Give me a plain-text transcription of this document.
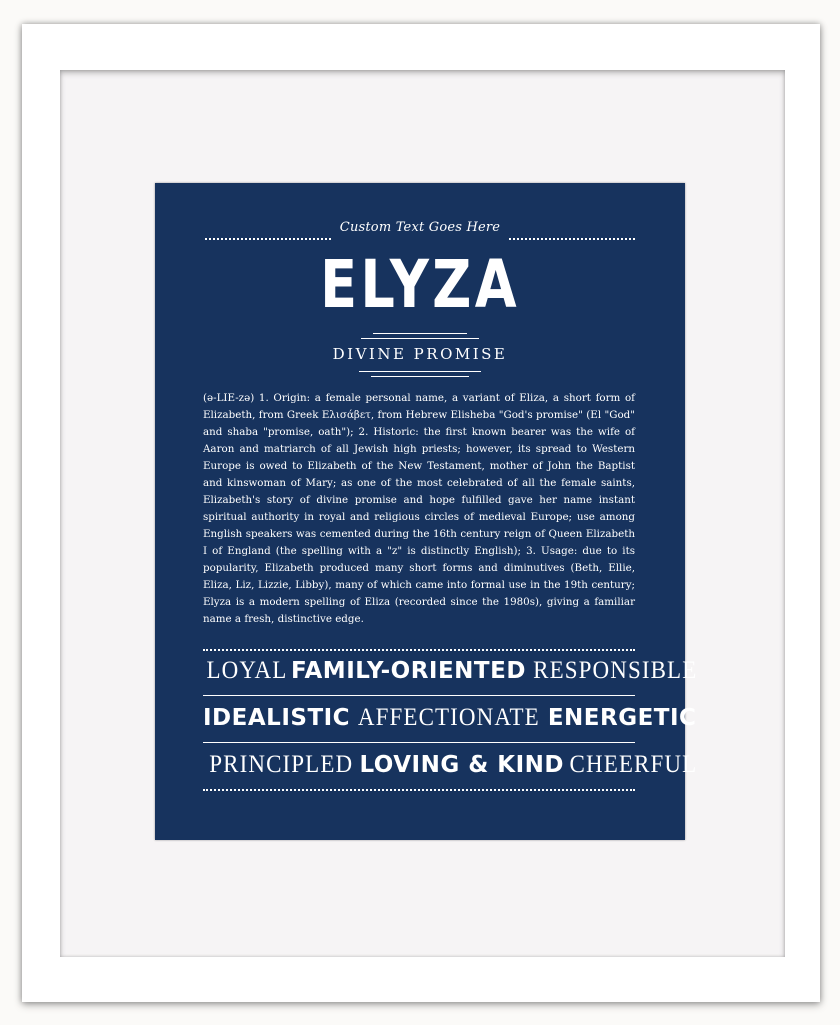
Custom Text Goes Here
ELYZA
DIVINE PROMISE
(ə-LIE-zə) 1. Origin: a female personal name, a variant of Eliza, a short form of Elizabeth, from Greek Ελισάβετ, from Hebrew Elisheba "God's promise" (El "God" and shaba "promise, oath"); 2. Historic: the first known bearer was the wife of Aaron and matriarch of all Jewish high priests; however, its spread to Western Europe is owed to Elizabeth of the New Testament, mother of John the Baptist and kinswoman of Mary; as one of the most celebrated of all the female saints, Elizabeth's story of divine promise and hope fulfilled gave her name instant spiritual authority in royal and religious circles of medieval Europe; use among English speakers was cemented during the 16th century reign of Queen Elizabeth I of England (the spelling with a "z" is distinctly English); 3. Usage: due to its popularity, Elizabeth produced many short forms and diminutives (Beth, Ellie, Eliza, Liz, Lizzie, Libby), many of which came into formal use in the 19th century; Elyza is a modern spelling of Eliza (recorded since the 1980s), giving a familiar name a fresh, distinctive edge.
LOYAL FAMILY-ORIENTED RESPONSIBLE
IDEALISTIC AFFECTIONATE ENERGETIC
PRINCIPLED LOVING & KIND CHEERFUL
